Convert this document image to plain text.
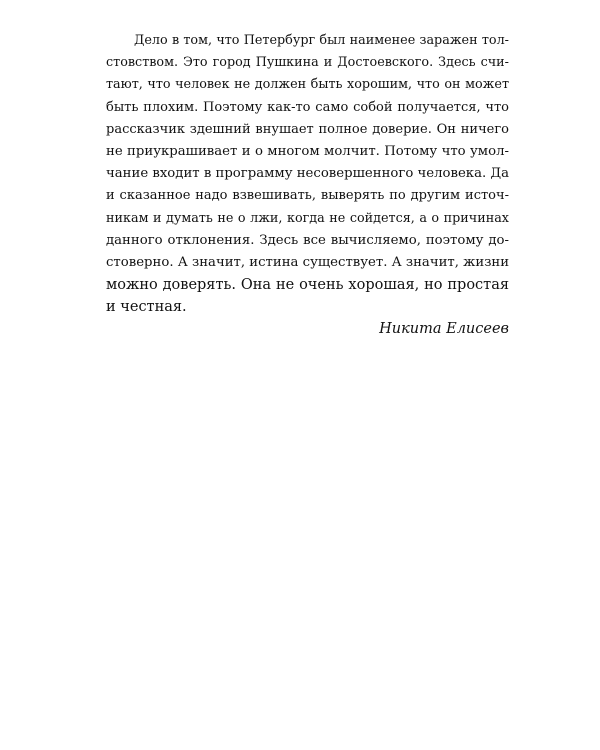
Дело в том, что Петербург был наименее заражен тол-
стовством. Это город Пушкина и Достоевского. Здесь счи-
тают, что человек не должен быть хорошим, что он может
быть плохим. Поэтому как-то само собой получается, что
рассказчик здешний внушает полное доверие. Он ничего
не приукрашивает и о многом молчит. Потому что умол-
чание входит в программу несовершенного человека. Да
и сказанное надо взвешивать, выверять по другим источ-
никам и думать не о лжи, когда не сойдется, а о причинах
данного отклонения. Здесь все вычисляемо, поэтому до-
стоверно. А значит, истина существует. А значит, жизни
можно доверять. Она не очень хорошая, но простая
и честная.
Никита Елисеев
